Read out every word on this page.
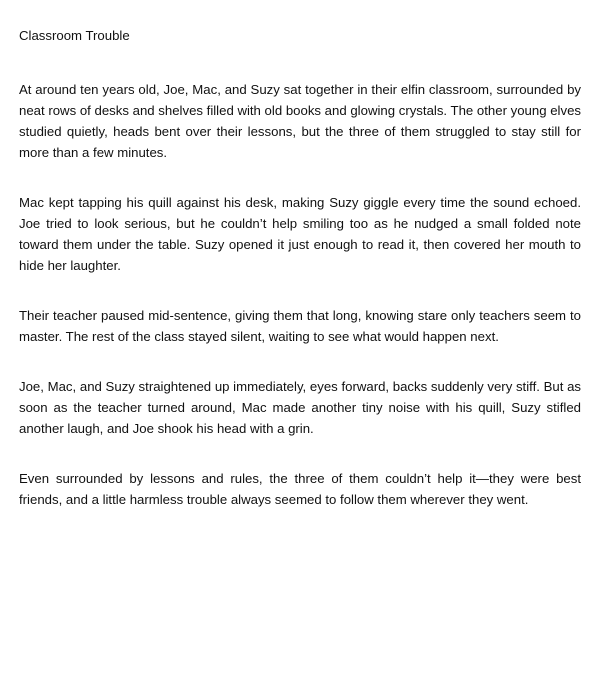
Classroom Trouble

At around ten years old, Joe, Mac, and Suzy sat together in their elfin classroom, surrounded by neat rows of desks and shelves filled with old books and glowing crystals. The other young elves studied quietly, heads bent over their lessons, but the three of them struggled to stay still for more than a few minutes.

Mac kept tapping his quill against his desk, making Suzy giggle every time the sound echoed. Joe tried to look serious, but he couldn’t help smiling too as he nudged a small folded note toward them under the table. Suzy opened it just enough to read it, then covered her mouth to hide her laughter.

Their teacher paused mid-sentence, giving them that long, knowing stare only teachers seem to master. The rest of the class stayed silent, waiting to see what would happen next.

Joe, Mac, and Suzy straightened up immediately, eyes forward, backs suddenly very stiff. But as soon as the teacher turned around, Mac made another tiny noise with his quill, Suzy stifled another laugh, and Joe shook his head with a grin.

Even surrounded by lessons and rules, the three of them couldn’t help it—they were best friends, and a little harmless trouble always seemed to follow them wherever they went.
